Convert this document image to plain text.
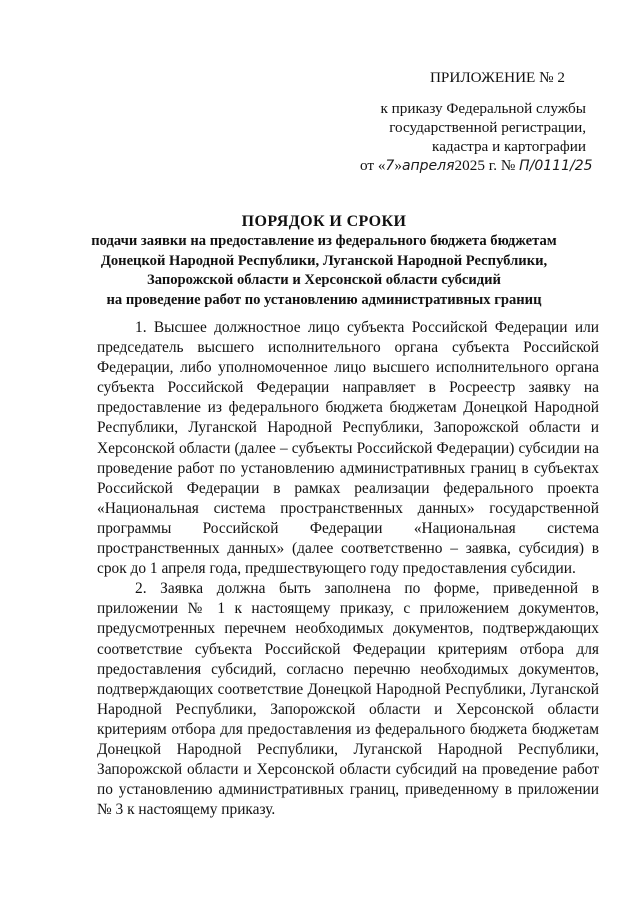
ПРИЛОЖЕНИЕ № 2
к приказу Федеральной службы
государственной регистрации,
кадастра и картографии
от «7»апреля2025 г. № П/0111/25
ПОРЯДОК И СРОКИ
подачи заявки на предоставление из федерального бюджета бюджетам
Донецкой Народной Республики, Луганской Народной Республики,
Запорожской области и Херсонской области субсидий
на проведение работ по установлению административных границ

1. Высшее должностное лицо субъекта Российской Федерации или председатель высшего исполнительного органа субъекта Российской Федерации, либо уполномоченное лицо высшего исполнительного органа субъекта Российской Федерации направляет в Росреестр заявку на предоставление из федерального бюджета бюджетам Донецкой Народной Республики, Луганской Народной Республики, Запорожской области и Херсонской области (далее – субъекты Российской Федерации) субсидии на проведение работ по установлению административных границ в субъектах Российской Федерации в рамках реализации федерального проекта «Национальная система пространственных данных» государственной программы Российской Федерации «Национальная система пространственных данных» (далее соответственно – заявка, субсидия) в срок до 1 апреля года, предшествующего году предоставления субсидии.

2. Заявка должна быть заполнена по форме, приведенной в приложении № 1 к настоящему приказу, с приложением документов, предусмотренных перечнем необходимых документов, подтверждающих соответствие субъекта Российской Федерации критериям отбора для предоставления субсидий, согласно перечню необходимых документов, подтверждающих соответствие Донецкой Народной Республики, Луганской Народной Республики, Запорожской области и Херсонской области критериям отбора для предоставления из федерального бюджета бюджетам Донецкой Народной Республики, Луганской Народной Республики, Запорожской области и Херсонской области субсидий на проведение работ по установлению административных границ, приведенному в приложении № 3 к настоящему приказу.
